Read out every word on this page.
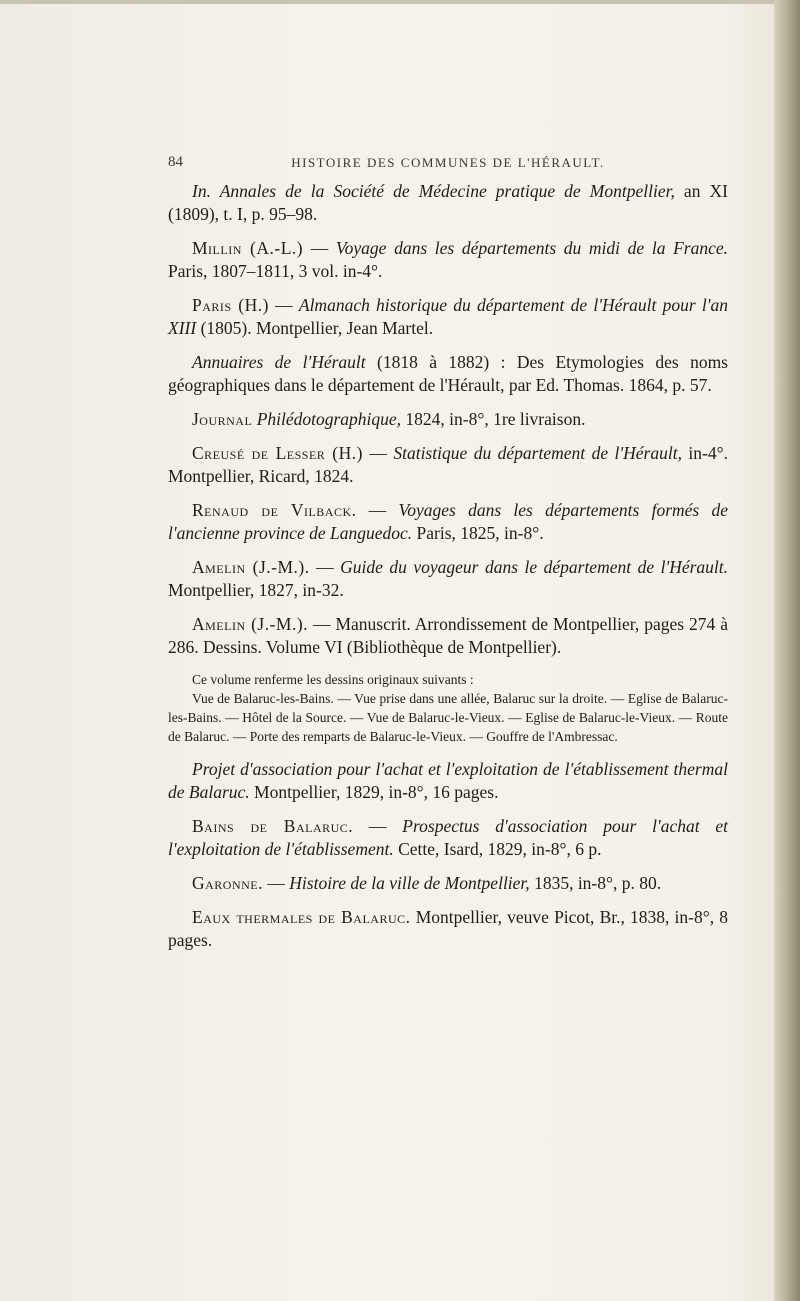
84	HISTOIRE DES COMMUNES DE L'HÉRAULT.

In. Annales de la Société de Médecine pratique de Montpellier, an XI (1809), t. I, p. 95–98.

Millin (A.-L.) — Voyage dans les départements du midi de la France. Paris, 1807–1811, 3 vol. in-4°.

Paris (H.) — Almanach historique du département de l'Hérault pour l'an XIII (1805). Montpellier, Jean Martel.

Annuaires de l'Hérault (1818 à 1882) : Des Etymologies des noms géographiques dans le département de l'Hérault, par Ed. Thomas. 1864, p. 57.

Journal Philédotographique, 1824, in-8°, 1re livraison.

Creusé de Lesser (H.) — Statistique du département de l'Hérault, in-4°. Montpellier, Ricard, 1824.

Renaud de Vilback. — Voyages dans les départements formés de l'ancienne province de Languedoc. Paris, 1825, in-8°.

Amelin (J.-M.). — Guide du voyageur dans le département de l'Hérault. Montpellier, 1827, in-32.

Amelin (J.-M.). — Manuscrit. Arrondissement de Montpellier, pages 274 à 286. Dessins. Volume VI (Bibliothèque de Montpellier).

Ce volume renferme les dessins originaux suivants :

Vue de Balaruc-les-Bains. — Vue prise dans une allée, Balaruc sur la droite. — Eglise de Balaruc-les-Bains. — Hôtel de la Source. — Vue de Balaruc-le-Vieux. — Eglise de Balaruc-le-Vieux. — Route de Balaruc. — Porte des remparts de Balaruc-le-Vieux. — Gouffre de l'Ambressac.

Projet d'association pour l'achat et l'exploitation de l'établissement thermal de Balaruc. Montpellier, 1829, in-8°, 16 pages.

Bains de Balaruc. — Prospectus d'association pour l'achat et l'exploitation de l'établissement. Cette, Isard, 1829, in-8°, 6 p.

Garonne. — Histoire de la ville de Montpellier, 1835, in-8°, p. 80.

Eaux thermales de Balaruc. Montpellier, veuve Picot, Br., 1838, in-8°, 8 pages.
